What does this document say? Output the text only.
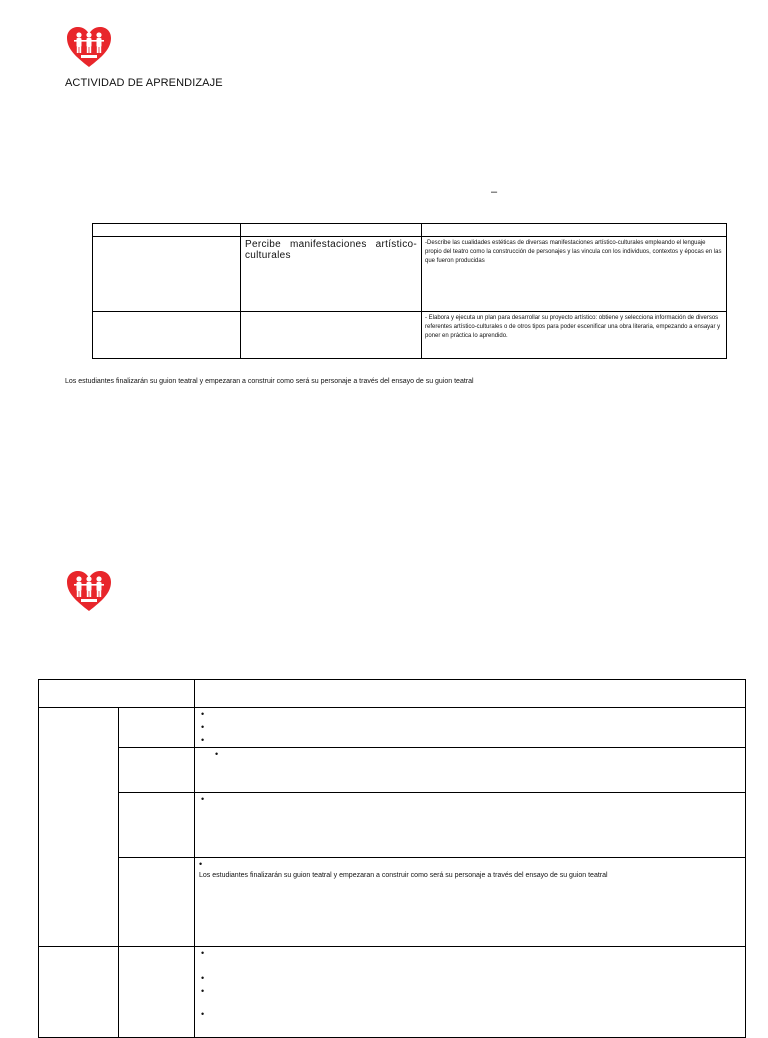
ACTIVIDAD DE APRENDIZAJE
–

	Percibe manifestaciones artístico-culturales	-Describe las cualidades estéticas de diversas manifestaciones artístico-culturales empleando el lenguaje propio del teatro como la construcción de personajes y las vincula con los individuos, contextos y épocas en las que fueron producidas
		- Elabora y ejecuta un plan para desarrollar su proyecto artístico: obtiene y selecciona información de diversos referentes artístico-culturales o de otros tipos para poder escenificar una obra literaria, empezando a ensayar y poner en práctica lo aprendido.
Los estudiantes finalizarán su guion teatral y empezaran a construir como será su personaje a través del ensayo de su guion teatral

		•
•
•

		•

		•

		•
Los estudiantes finalizarán su guion teatral y empezaran a construir como será su personaje a través del ensayo de su guion teatral

		•
•
•
•
